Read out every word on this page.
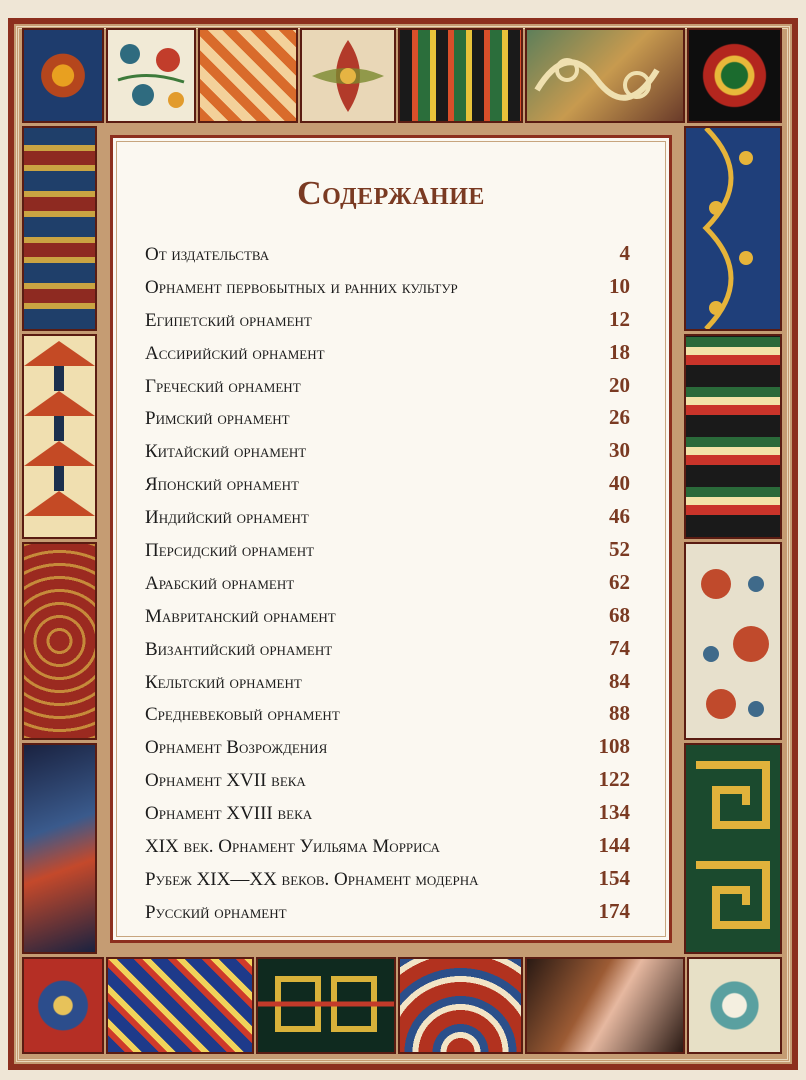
Содержание
От издательства	4
Орнамент первобытных и ранних культур	10
Египетский орнамент	12
Ассирийский орнамент	18
Греческий орнамент	20
Римский орнамент	26
Китайский орнамент	30
Японский орнамент	40
Индийский орнамент	46
Персидский орнамент	52
Арабский орнамент	62
Мавританский орнамент	68
Византийский орнамент	74
Кельтский орнамент	84
Средневековый орнамент	88
Орнамент Возрождения	108
Орнамент XVII века	122
Орнамент XVIII века	134
XIX век. Орнамент Уильяма Морриса	144
Рубеж XIX—XX веков. Орнамент модерна	154
Русский орнамент	174
